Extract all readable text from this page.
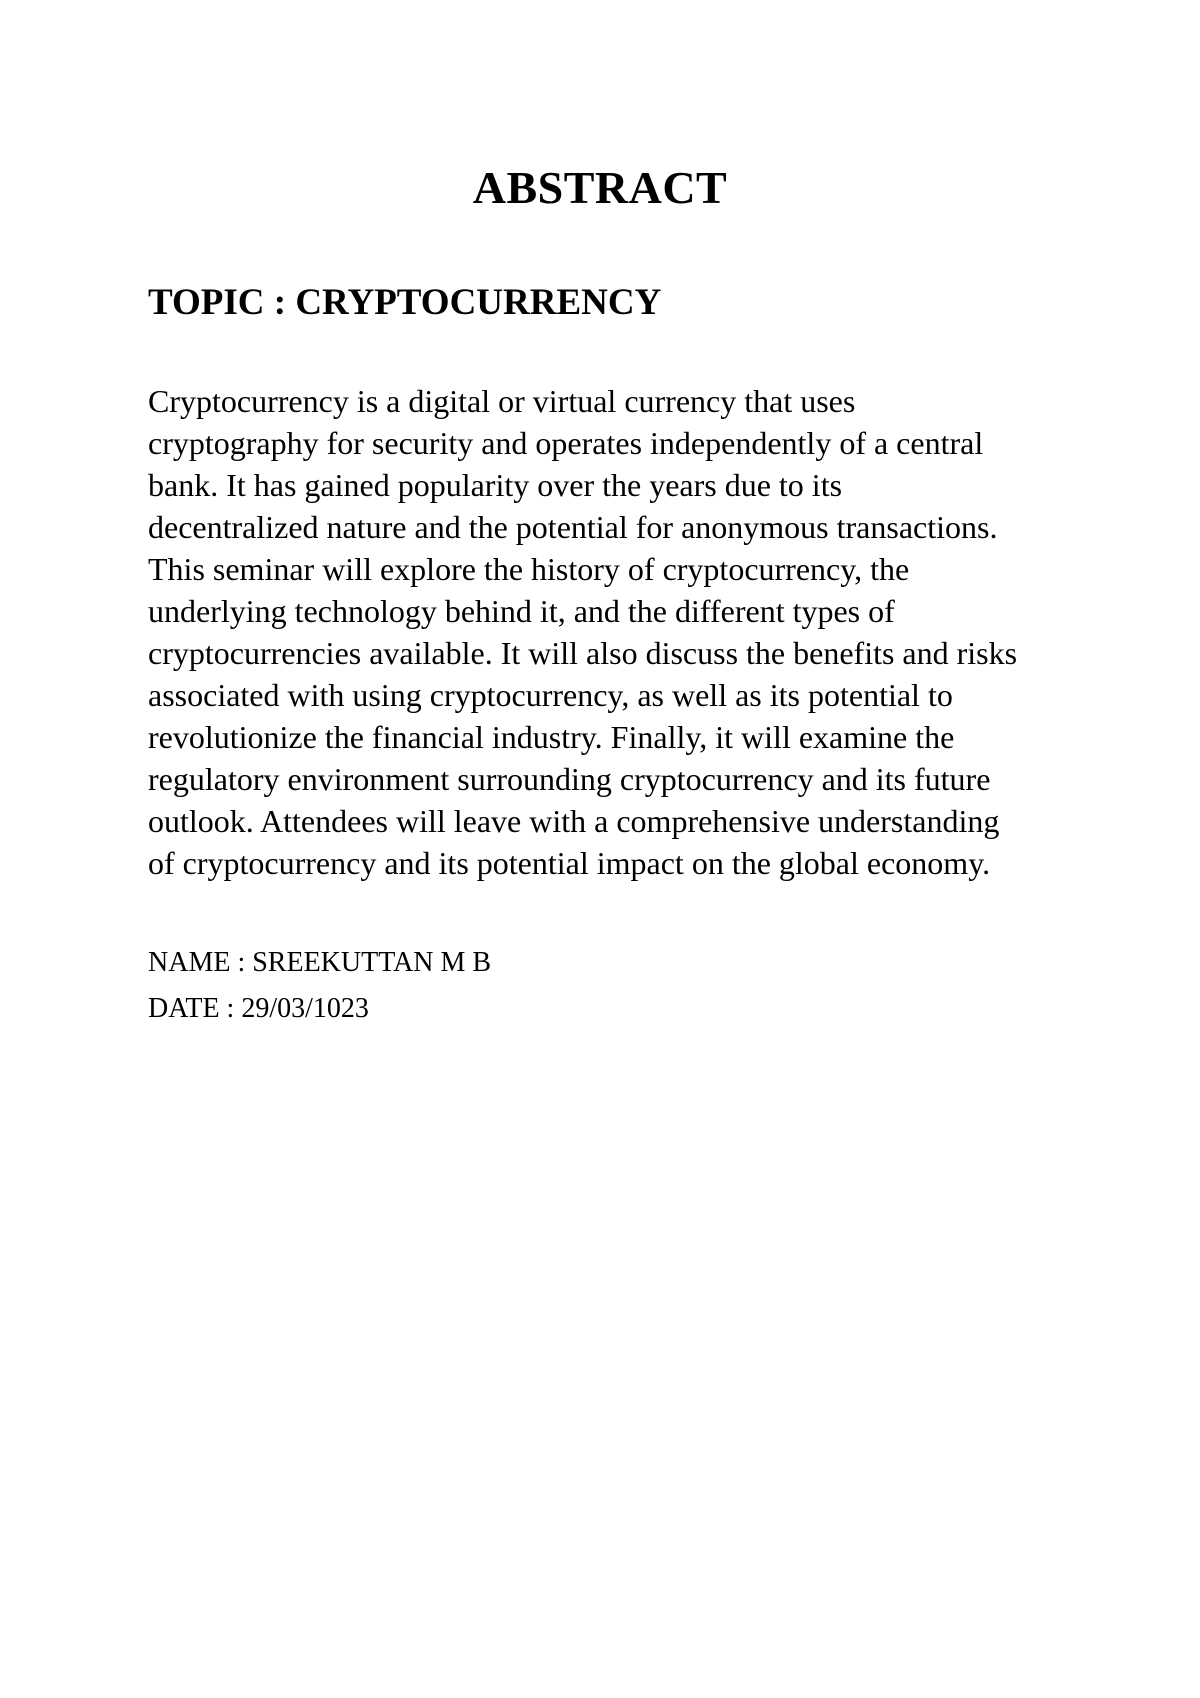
ABSTRACT
TOPIC : CRYPTOCURRENCY
Cryptocurrency is a digital or virtual currency that uses
cryptography for security and operates independently of a central
bank. It has gained popularity over the years due to its
decentralized nature and the potential for anonymous transactions.
This seminar will explore the history of cryptocurrency, the
underlying technology behind it, and the different types of
cryptocurrencies available. It will also discuss the benefits and risks
associated with using cryptocurrency, as well as its potential to
revolutionize the financial industry. Finally, it will examine the
regulatory environment surrounding cryptocurrency and its future
outlook. Attendees will leave with a comprehensive understanding
of cryptocurrency and its potential impact on the global economy.
NAME : SREEKUTTAN M B
DATE : 29/03/1023
